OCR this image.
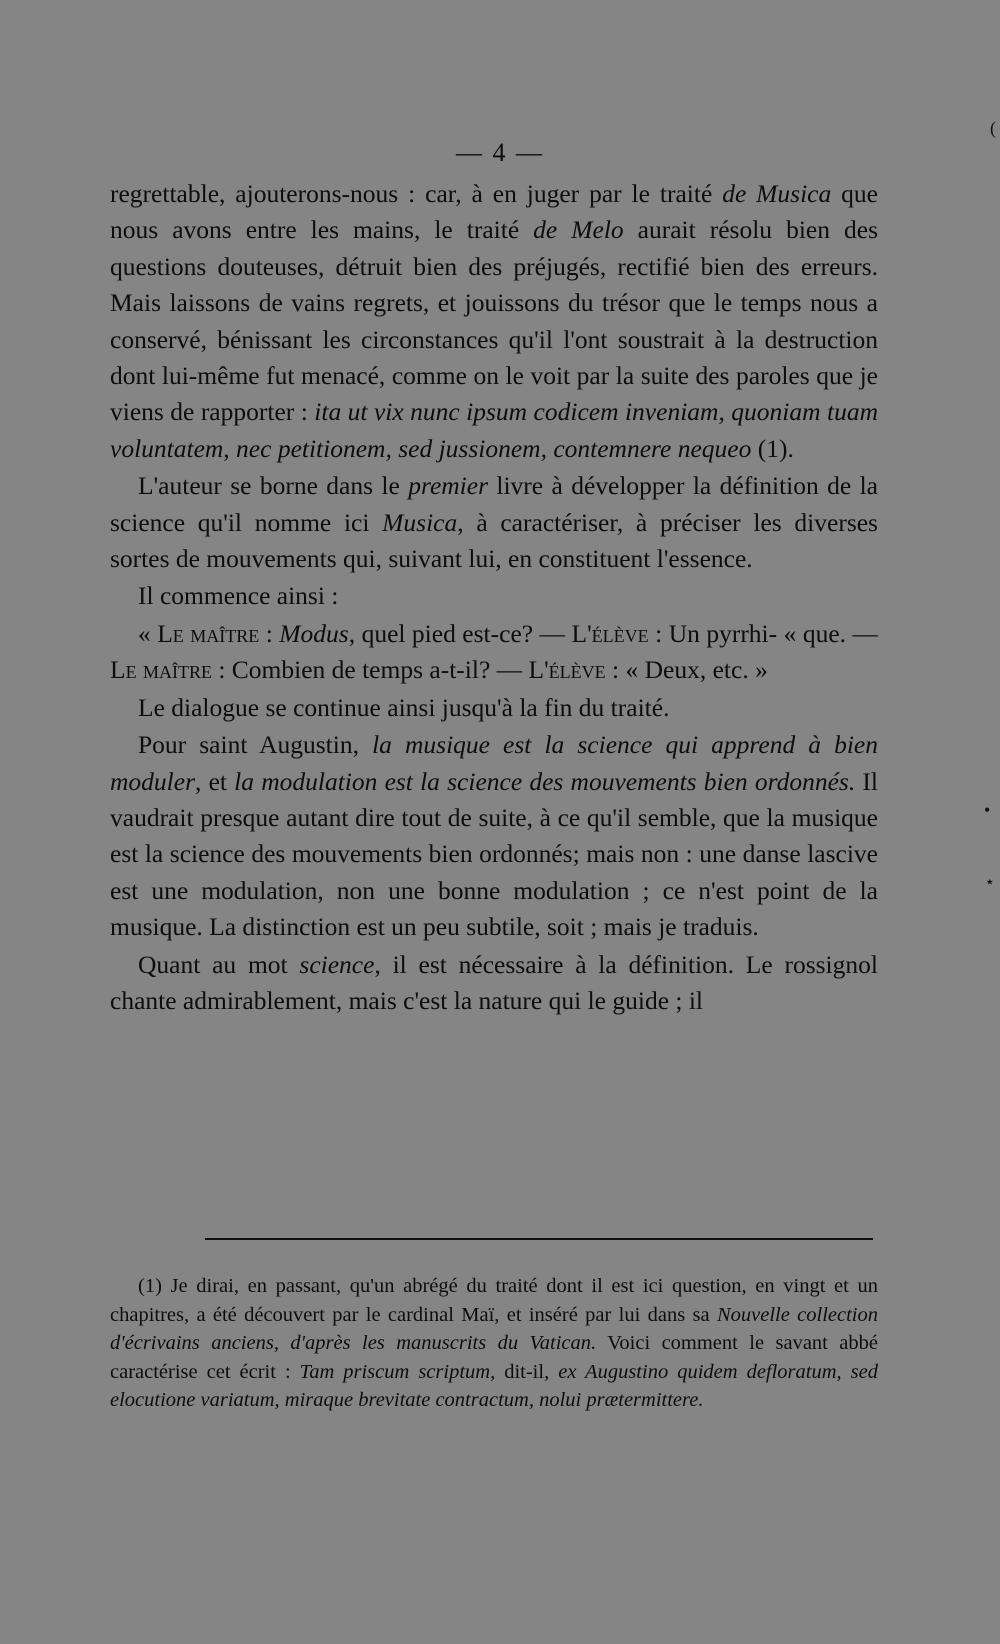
— 4 —
(
•
٭

regrettable, ajouterons-nous : car, à en juger par le traité de Musica que nous avons entre les mains, le traité de Melo aurait résolu bien des questions douteuses, détruit bien des préjugés, rectifié bien des erreurs. Mais laissons de vains regrets, et jouissons du trésor que le temps nous a conservé, bénissant les circonstances qu'il l'ont soustrait à la destruction dont lui-même fut menacé, comme on le voit par la suite des paroles que je viens de rapporter : ita ut vix nunc ipsum codicem inveniam, quoniam tuam voluntatem, nec petitionem, sed jussionem, contemnere nequeo (1).

L'auteur se borne dans le premier livre à développer la définition de la science qu'il nomme ici Musica, à caractériser, à préciser les diverses sortes de mouvements qui, suivant lui, en constituent l'essence.

Il commence ainsi :

« Le maître : Modus, quel pied est-ce? — L'élève : Un pyrrhi- « que. — Le maître : Combien de temps a-t-il? — L'élève : « Deux, etc. »

Le dialogue se continue ainsi jusqu'à la fin du traité.

Pour saint Augustin, la musique est la science qui apprend à bien moduler, et la modulation est la science des mouvements bien ordonnés. Il vaudrait presque autant dire tout de suite, à ce qu'il semble, que la musique est la science des mouvements bien ordonnés; mais non : une danse lascive est une modulation, non une bonne modulation ; ce n'est point de la musique. La distinction est un peu subtile, soit ; mais je traduis.

Quant au mot science, il est nécessaire à la définition. Le rossignol chante admirablement, mais c'est la nature qui le guide ; il

(1) Je dirai, en passant, qu'un abrégé du traité dont il est ici question, en vingt et un chapitres, a été découvert par le cardinal Maï, et inséré par lui dans sa Nouvelle collection d'écrivains anciens, d'après les manuscrits du Vatican. Voici comment le savant abbé caractérise cet écrit : Tam priscum scriptum, dit-il, ex Augustino quidem defloratum, sed elocutione variatum, miraque brevitate contractum, nolui prætermittere.
